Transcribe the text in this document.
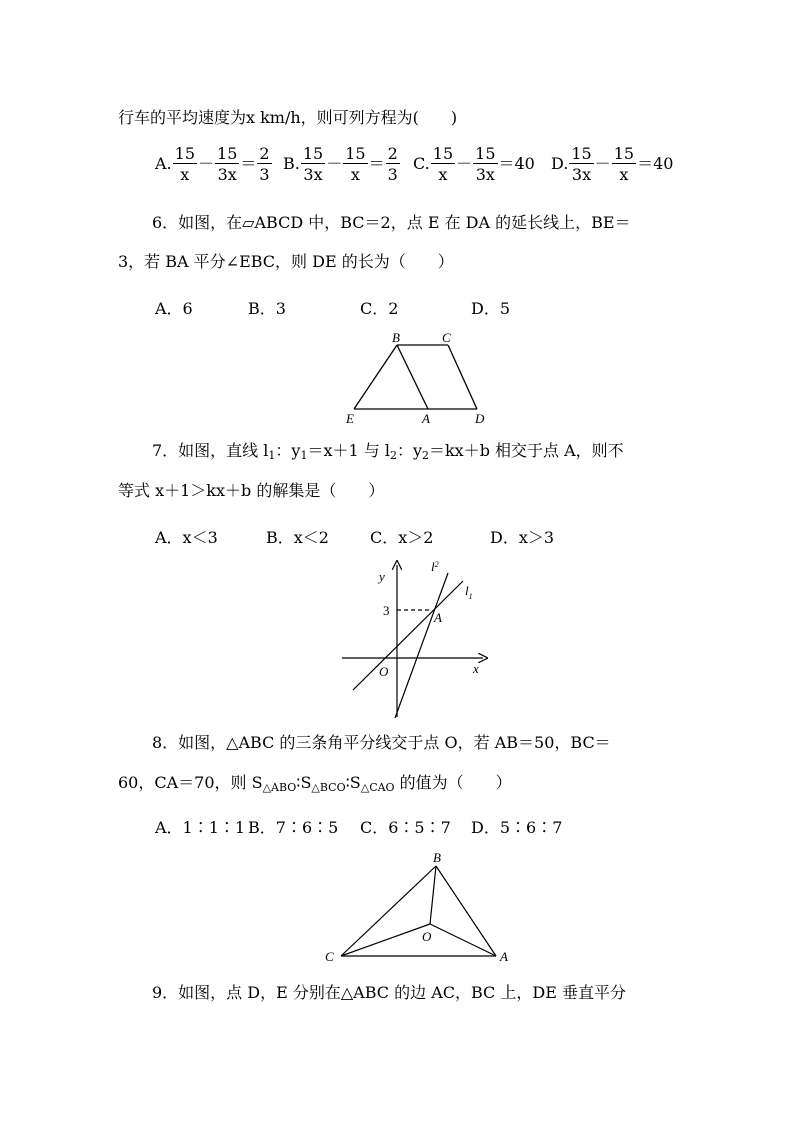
行车的平均速度为x km/h，则可列方程为(　　)
A. $\frac{15}{x} - \frac{15}{3x} = \frac{2}{3} B$. $\frac{15}{3x} - \frac{15}{x} = \frac{2}{3} C$. $\frac{15}{x} - \frac{15}{3x} =40$ D. $\frac{15}{3x} - \frac{15}{x} =40$
6．如图，在▱ABCD 中，BC＝2，点 E 在 DA 的延长线上，BE＝
3，若 BA 平分∠EBC，则 DE 的长为（　　）
A．6	B．3	C．2	D．5
B	C
E	A	D
7．如图，直线 $l_1$：$y_1=x+1$ 与 $l_2$：$y_2=kx+b$ 相交于点 A，则不
等式 x＋1＞kx＋b 的解集是（　　）
A．x＜3	B．x＜2	C．x＞2	D．x＞3
y
x
O
A
3
$l^2$
$l_1$
8．如图，△ABC 的三条角平分线交于点 O，若 AB＝50，BC＝
60，CA＝70，则 $S_{\triangle ABO}∶S_{\triangle BCO}∶S_{\triangle CAO}$ 的值为（　　）
A．1∶1∶1 B．7∶6∶5 C．6∶5∶7 D．5∶6∶7
B
C
O
A
9．如图，点 D，E 分别在△ABC 的边 AC，BC 上，DE 垂直平分
